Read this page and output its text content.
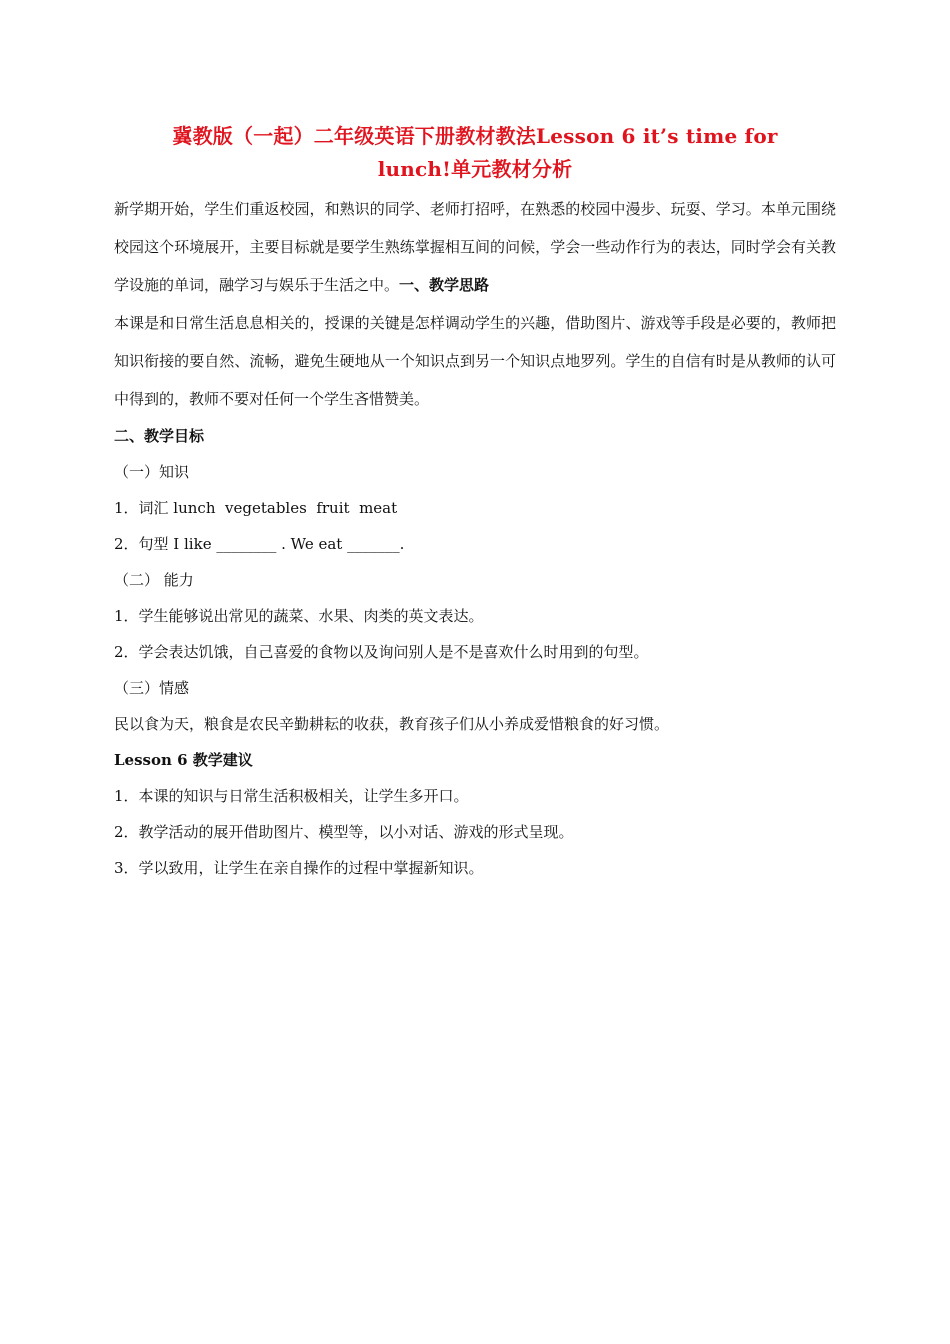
冀教版（一起）二年级英语下册教材教法Lesson 6 it’s time for
lunch!单元教材分析

新学期开始，学生们重返校园，和熟识的同学、老师打招呼，在熟悉的校园中漫步、玩耍、学习。本单元围绕校园这个环境展开，主要目标就是要学生熟练掌握相互间的问候，学会一些动作行为的表达，同时学会有关教学设施的单词，融学习与娱乐于生活之中。一、教学思路

本课是和日常生活息息相关的，授课的关键是怎样调动学生的兴趣，借助图片、游戏等手段是必要的，教师把知识衔接的要自然、流畅，避免生硬地从一个知识点到另一个知识点地罗列。学生的自信有时是从教师的认可中得到的，教师不要对任何一个学生吝惜赞美。

二、教学目标

（一）知识

1．词汇 lunch  vegetables  fruit  meat

2．句型 I like ________ . We eat _______.

（二） 能力

1．学生能够说出常见的蔬菜、水果、肉类的英文表达。

2．学会表达饥饿，自己喜爱的食物以及询问别人是不是喜欢什么时用到的句型。

（三）情感

民以食为天，粮食是农民辛勤耕耘的收获，教育孩子们从小养成爱惜粮食的好习惯。

Lesson 6 教学建议

1．本课的知识与日常生活积极相关，让学生多开口。

2．教学活动的展开借助图片、模型等，以小对话、游戏的形式呈现。

3．学以致用，让学生在亲自操作的过程中掌握新知识。
